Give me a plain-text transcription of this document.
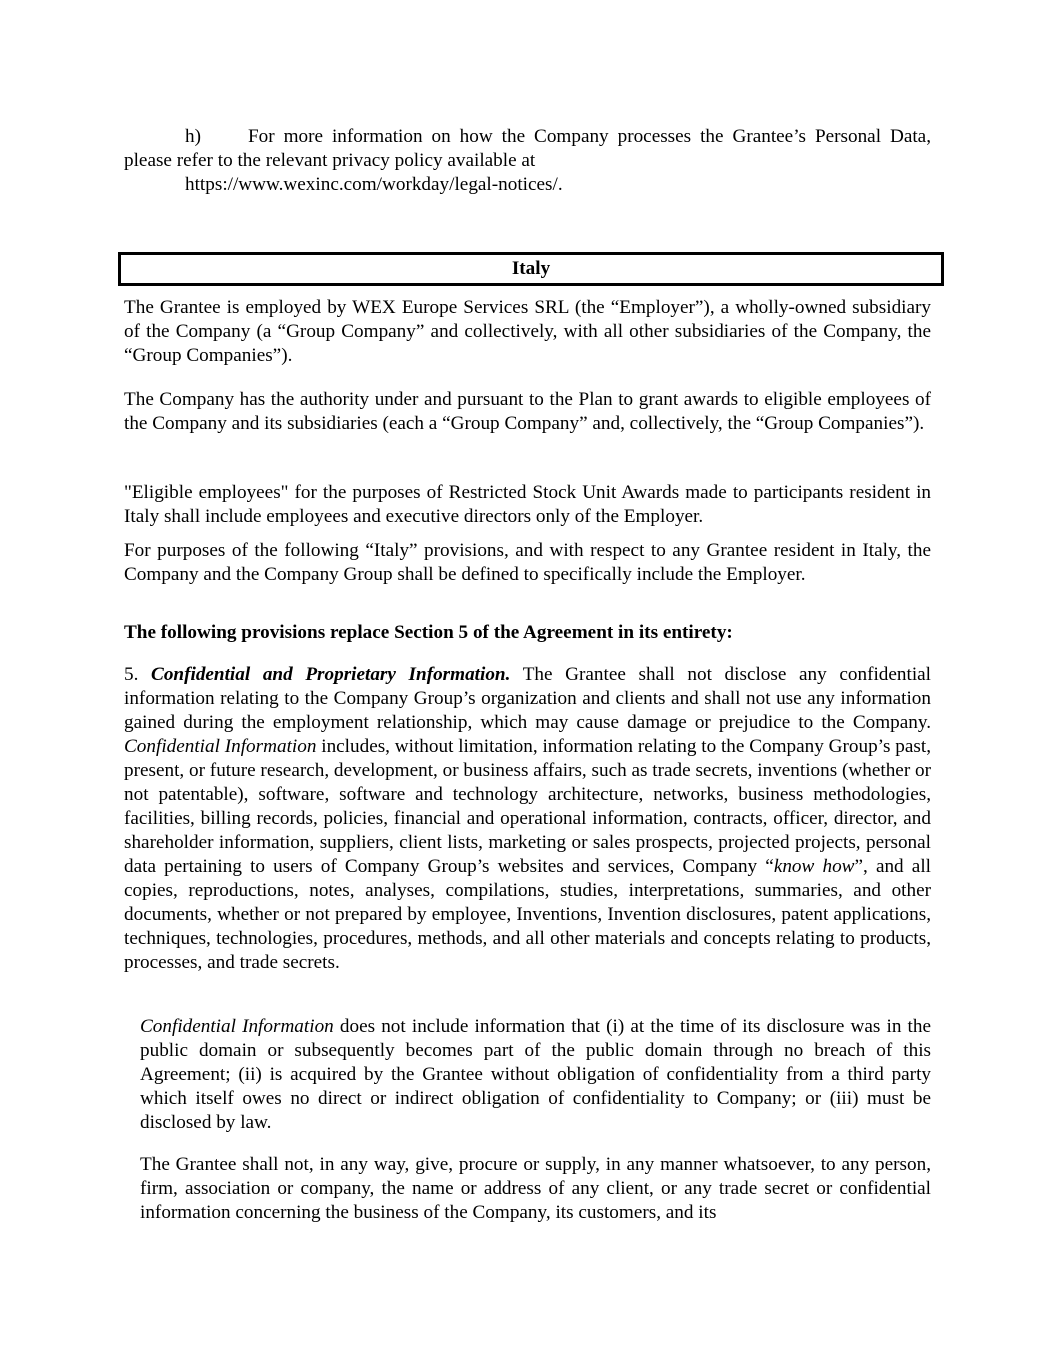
h) For more information on how the Company processes the Grantee’s Personal Data, please refer to the relevant privacy policy available at
https://www.wexinc.com/workday/legal-notices/.

Italy

The Grantee is employed by WEX Europe Services SRL (the “Employer”), a wholly-owned subsidiary of the Company (a “Group Company” and collectively, with all other subsidiaries of the Company, the “Group Companies”).

The Company has the authority under and pursuant to the Plan to grant awards to eligible employees of the Company and its subsidiaries (each a “Group Company” and, collectively, the “Group Companies”).

"Eligible employees" for the purposes of Restricted Stock Unit Awards made to participants resident in Italy shall include employees and executive directors only of the Employer.

For purposes of the following “Italy” provisions, and with respect to any Grantee resident in Italy, the Company and the Company Group shall be defined to specifically include the Employer.

The following provisions replace Section 5 of the Agreement in its entirety:

5. Confidential and Proprietary Information. The Grantee shall not disclose any confidential information relating to the Company Group’s organization and clients and shall not use any information gained during the employment relationship, which may cause damage or prejudice to the Company. Confidential Information includes, without limitation, information relating to the Company Group’s past, present, or future research, development, or business affairs, such as trade secrets, inventions (whether or not patentable), software, software and technology architecture, networks, business methodologies, facilities, billing records, policies, financial and operational information, contracts, officer, director, and shareholder information, suppliers, client lists, marketing or sales prospects, projected projects, personal data pertaining to users of Company Group’s websites and services, Company “know how”, and all copies, reproductions, notes, analyses, compilations, studies, interpretations, summaries, and other documents, whether or not prepared by employee, Inventions, Invention disclosures, patent applications, techniques, technologies, procedures, methods, and all other materials and concepts relating to products, processes, and trade secrets.

Confidential Information does not include information that (i) at the time of its disclosure was in the public domain or subsequently becomes part of the public domain through no breach of this Agreement; (ii) is acquired by the Grantee without obligation of confidentiality from a third party which itself owes no direct or indirect obligation of confidentiality to Company; or (iii) must be disclosed by law.

The Grantee shall not, in any way, give, procure or supply, in any manner whatsoever, to any person, firm, association or company, the name or address of any client, or any trade secret or confidential information concerning the business of the Company, its customers, and its
